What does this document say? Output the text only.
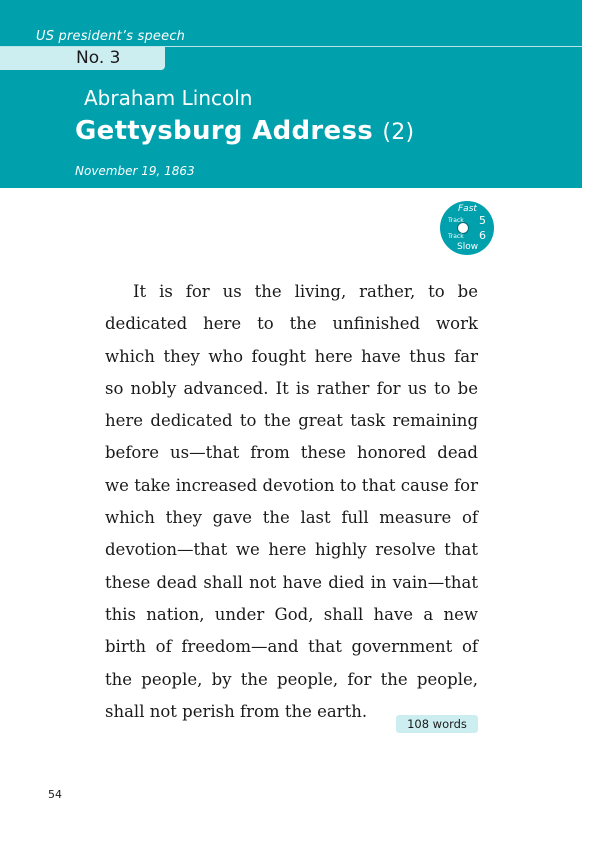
US president’s speech
No. 3
Abraham Lincoln
Gettysburg Address (2)
November 19, 1863
Fast
Track 5
Track 6
Slow

It is for us the living, rather, to be dedicated here to the unfinished work which they who fought here have thus far so nobly advanced. It is rather for us to be here dedicated to the great task remaining before us—that from these honored dead we take increased devotion to that cause for which they gave the last full measure of devotion—that we here highly resolve that these dead shall not have died in vain—that this nation, under God, shall have a new birth of freedom—and that government of the people, by the people, for the people, shall not perish from the earth.

108 words
54
